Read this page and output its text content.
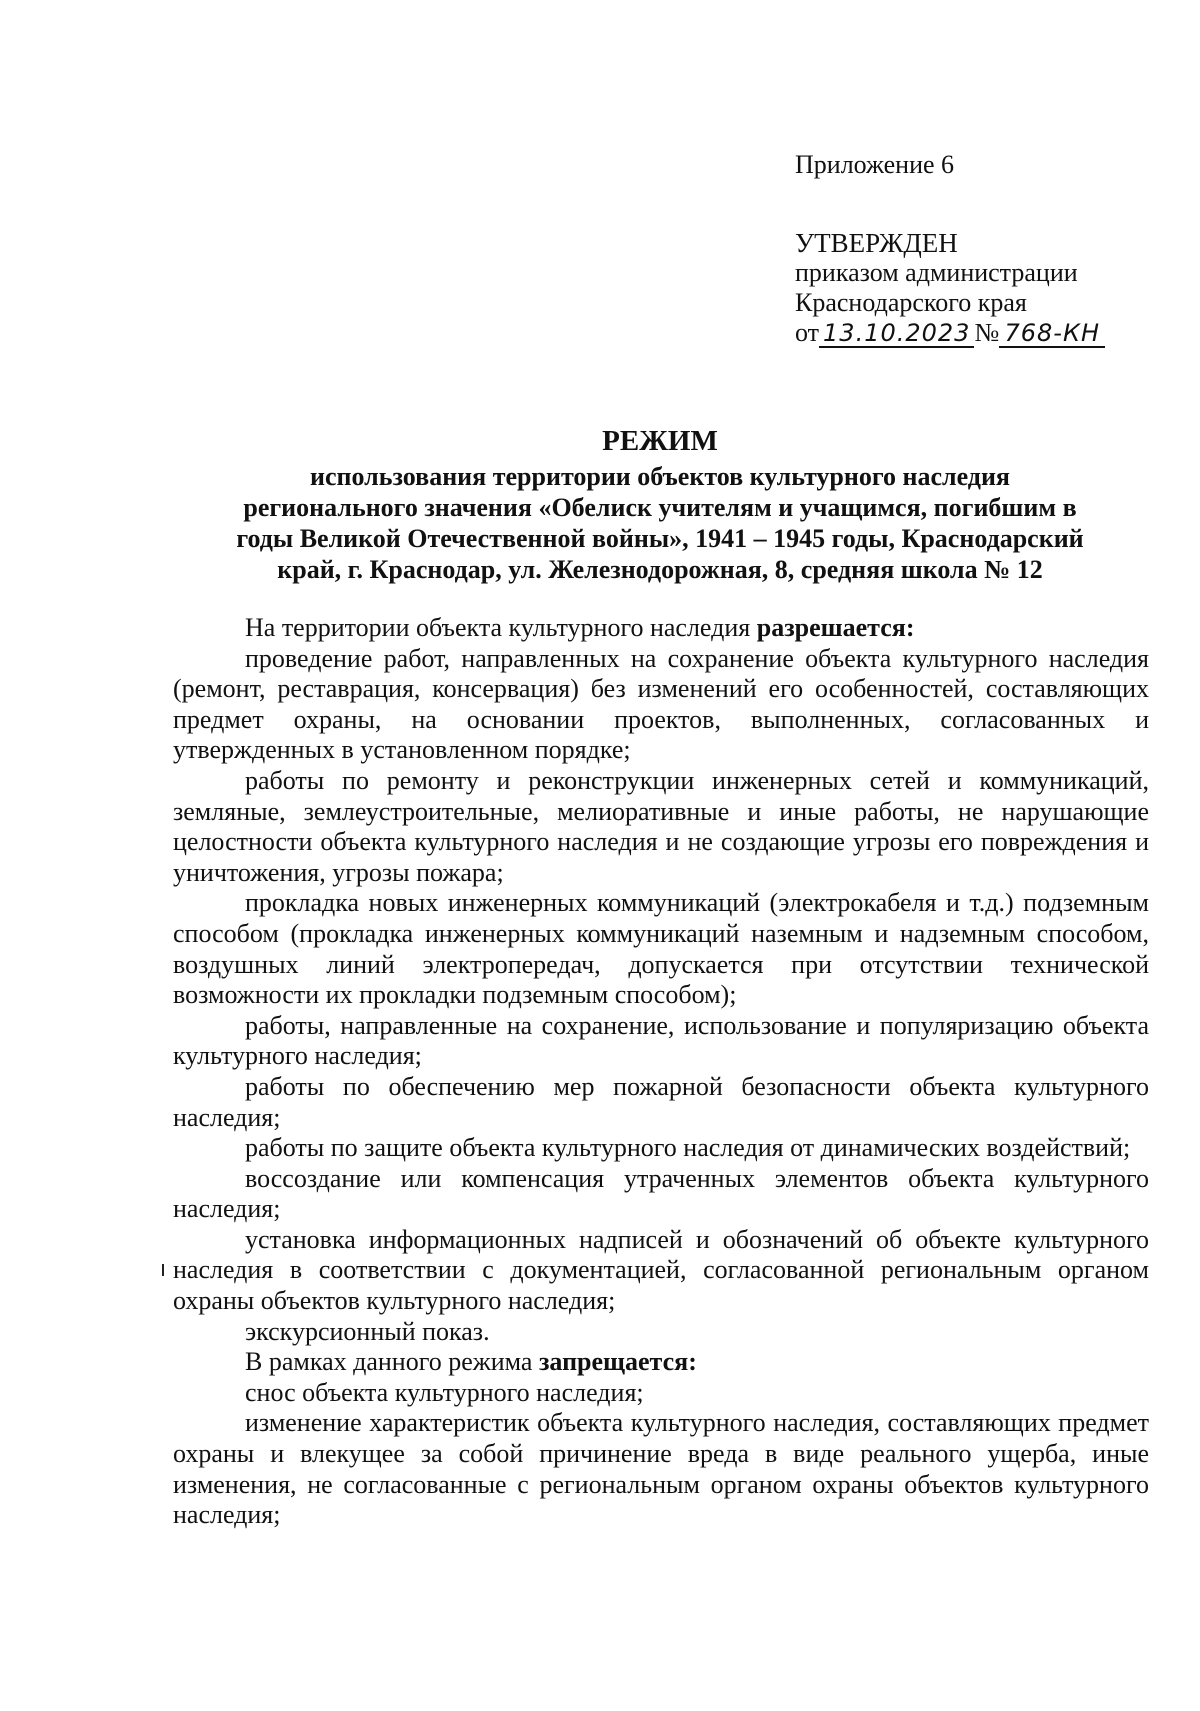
Приложение 6
УТВЕРЖДЕН
приказом администрации
Краснодарского края
от 13.10.2023 № 768-КН
РЕЖИМ
использования территории объектов культурного наследия
регионального значения «Обелиск учителям и учащимся, погибшим в
годы Великой Отечественной войны», 1941 – 1945 годы, Краснодарский
край, г. Краснодар, ул. Железнодорожная, 8, средняя школа № 12

На территории объекта культурного наследия разрешается:

проведение работ, направленных на сохранение объекта культурного наследия (ремонт, реставрация, консервация) без изменений его особенностей, составляющих предмет охраны, на основании проектов, выполненных, согласованных и утвержденных в установленном порядке;

работы по ремонту и реконструкции инженерных сетей и коммуникаций, земляные, землеустроительные, мелиоративные и иные работы, не нарушающие целостности объекта культурного наследия и не создающие угрозы его повреждения и уничтожения, угрозы пожара;

прокладка новых инженерных коммуникаций (электрокабеля и т.д.) подземным способом (прокладка инженерных коммуникаций наземным и надземным способом, воздушных линий электропередач, допускается при отсутствии технической возможности их прокладки подземным способом);

работы, направленные на сохранение, использование и популяризацию объекта культурного наследия;

работы по обеспечению мер пожарной безопасности объекта культурного наследия;

работы по защите объекта культурного наследия от динамических воздействий;

воссоздание или компенсация утраченных элементов объекта культурного наследия;

установка информационных надписей и обозначений об объекте культурного наследия в соответствии с документацией, согласованной региональным органом охраны объектов культурного наследия;

экскурсионный показ.

В рамках данного режима запрещается:

снос объекта культурного наследия;

изменение характеристик объекта культурного наследия, составляющих предмет охраны и влекущее за собой причинение вреда в виде реального ущерба, иные изменения, не согласованные с региональным органом охраны объектов культурного наследия;
